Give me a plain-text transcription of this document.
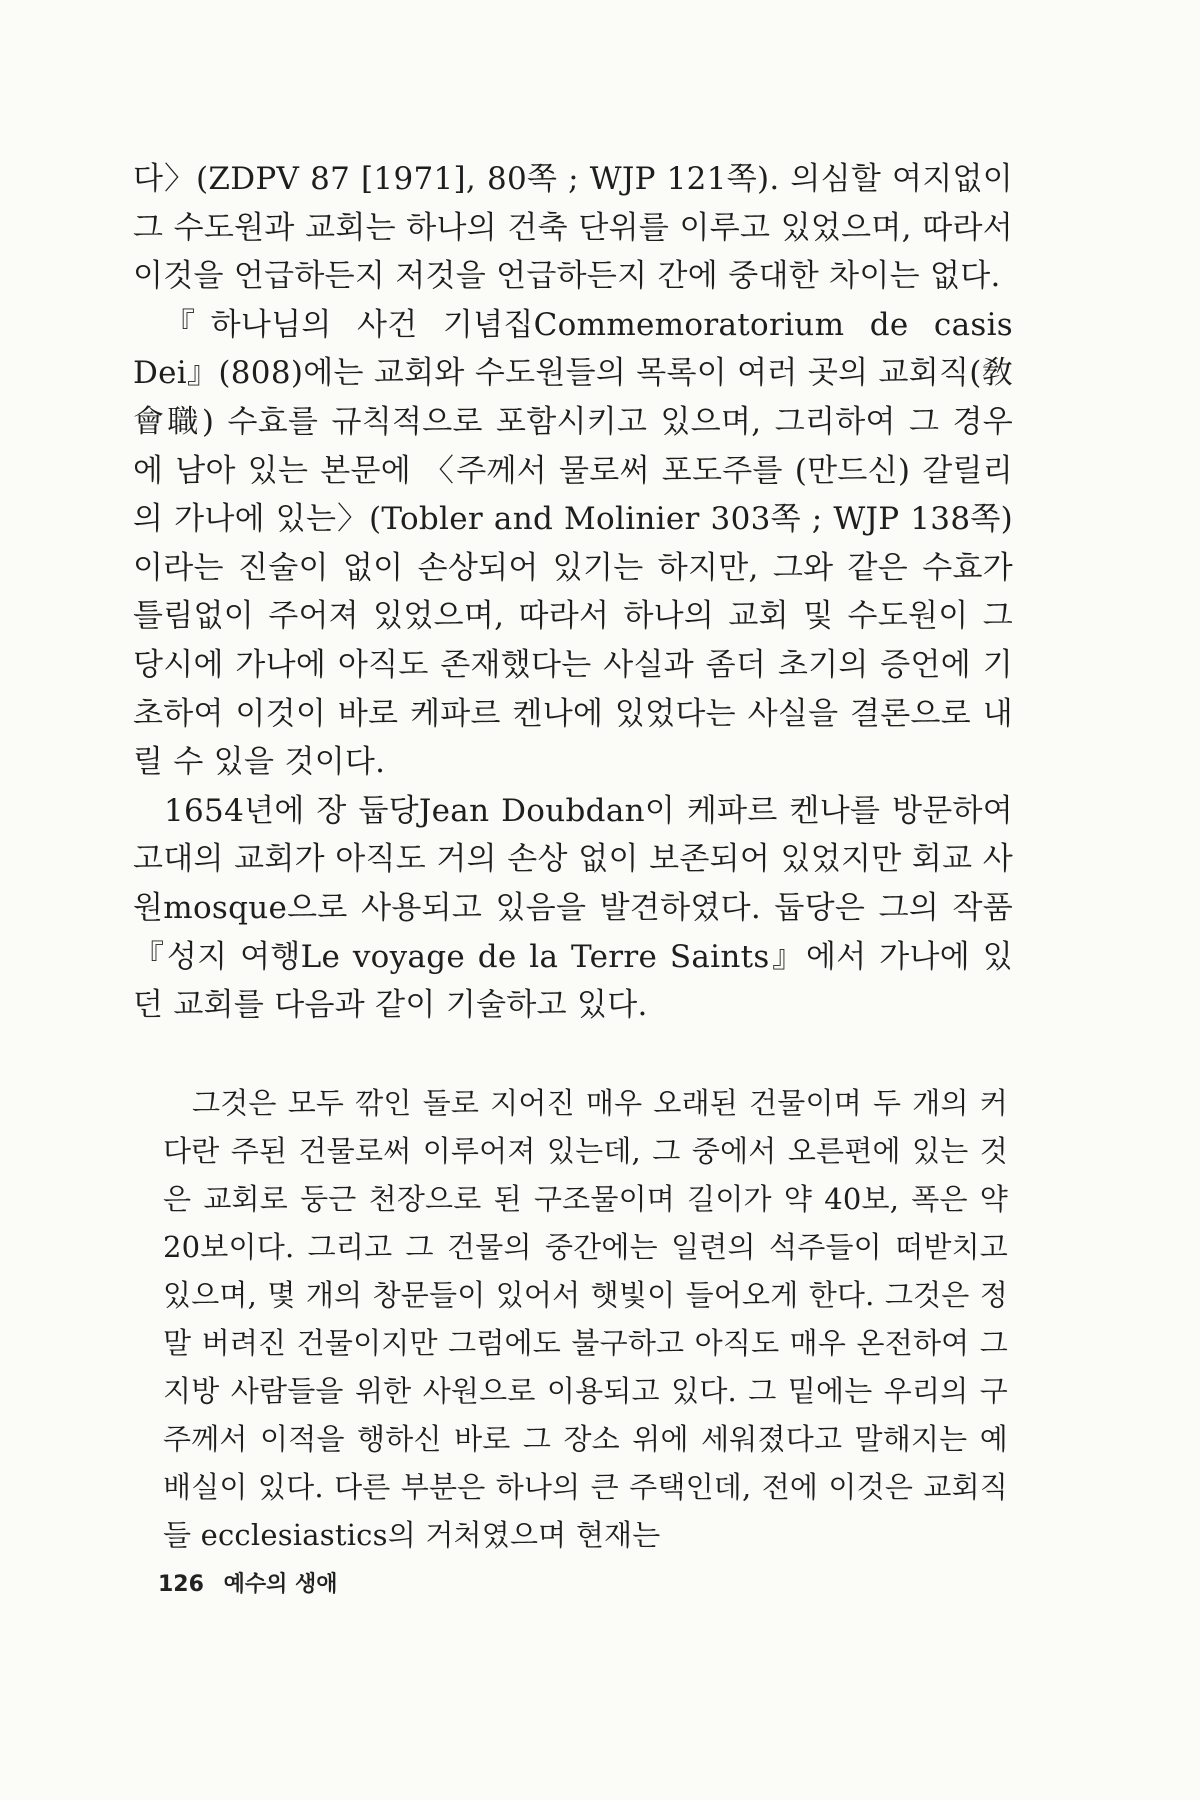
다〉(ZDPV 87 [1971], 80쪽 ; WJP 121쪽). 의심할 여지없이 그 수도원과 교회는 하나의 건축 단위를 이루고 있었으며, 따라서 이것을 언급하든지 저것을 언급하든지 간에 중대한 차이는 없다.

『하나님의 사건 기념집Commemoratorium de casis Dei』(808)에는 교회와 수도원들의 목록이 여러 곳의 교회직(敎會職) 수효를 규칙적으로 포함시키고 있으며, 그리하여 그 경우에 남아 있는 본문에 〈주께서 물로써 포도주를 (만드신) 갈릴리의 가나에 있는〉(Tobler and Molinier 303쪽 ; WJP 138쪽)이라는 진술이 없이 손상되어 있기는 하지만, 그와 같은 수효가 틀림없이 주어져 있었으며, 따라서 하나의 교회 및 수도원이 그 당시에 가나에 아직도 존재했다는 사실과 좀더 초기의 증언에 기초하여 이것이 바로 케파르 켄나에 있었다는 사실을 결론으로 내릴 수 있을 것이다.

1654년에 장 둡당Jean Doubdan이 케파르 켄나를 방문하여 고대의 교회가 아직도 거의 손상 없이 보존되어 있었지만 회교 사원mosque으로 사용되고 있음을 발견하였다. 둡당은 그의 작품 『성지 여행Le voyage de la Terre Saints』에서 가나에 있던 교회를 다음과 같이 기술하고 있다.

그것은 모두 깎인 돌로 지어진 매우 오래된 건물이며 두 개의 커다란 주된 건물로써 이루어져 있는데, 그 중에서 오른편에 있는 것은 교회로 둥근 천장으로 된 구조물이며 길이가 약 40보, 폭은 약 20보이다. 그리고 그 건물의 중간에는 일련의 석주들이 떠받치고 있으며, 몇 개의 창문들이 있어서 햇빛이 들어오게 한다. 그것은 정말 버려진 건물이지만 그럼에도 불구하고 아직도 매우 온전하여 그 지방 사람들을 위한 사원으로 이용되고 있다. 그 밑에는 우리의 구주께서 이적을 행하신 바로 그 장소 위에 세워졌다고 말해지는 예배실이 있다. 다른 부분은 하나의 큰 주택인데, 전에 이것은 교회직들 ecclesiastics의 거처였으며 현재는

126 예수의 생애
